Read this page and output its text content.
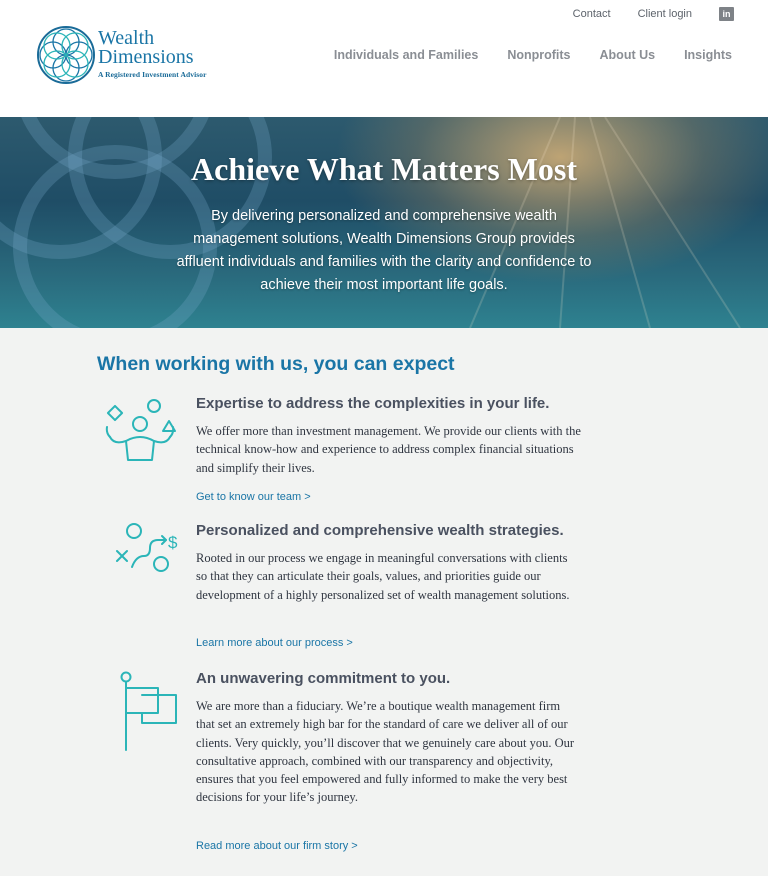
Wealth
Dimensions
A Registered Investment Advisor
Contact Client login	in
Individuals and Families Nonprofits About Us Insights
Achieve What Matters Most

By delivering personalized and comprehensive wealth management solutions, Wealth Dimensions Group provides affluent individuals and families with the clarity and confidence to achieve their most important life goals.

When working with us, you can expect
Expertise to address the complexities in your life.

We offer more than investment management. We provide our clients with the technical know-how and experience to address complex financial situations and simplify their lives.

Get to know our team >
$
Personalized and comprehensive wealth strategies.

Rooted in our process we engage in meaningful conversations with clients so that they can articulate their goals, values, and priorities guide our development of a highly personalized set of wealth management solutions.

Learn more about our process >
An unwavering commitment to you.

We are more than a fiduciary. We’re a boutique wealth management firm that set an extremely high bar for the standard of care we deliver all of our clients. Very quickly, you’ll discover that we genuinely care about you. Our consultative approach, combined with our transparency and objectivity, ensures that you feel empowered and fully informed to make the very best decisions for your life’s journey.

Read more about our firm story >
